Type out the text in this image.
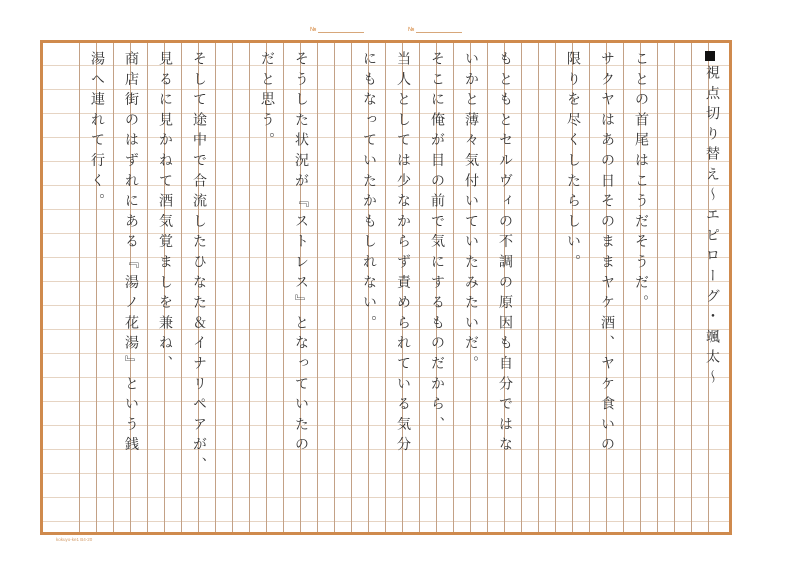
№	№
視点切り替え～エピローグ・颯太～
ことの首尾はこうだそうだ。
サクヤはあの日そのままヤケ酒、ヤケ食いの
限りを尽くしたらしい。
もともとセルヴィの不調の原因も自分ではな
いかと薄々気付いていたみたいだ。
そこに俺が目の前で気にするものだから、
当人としては少なからず責められている気分
にもなっていたかもしれない。
そうした状況が『ストレス』となっていたの
だと思う。
そして途中で合流したひなた＆イナリペアが、
見るに見かねて酒気覚ましを兼ね、
商店街のはずれにある『湯ノ花湯』という銭
湯へ連れて行く。
kokuyo-ke1 B4-20
